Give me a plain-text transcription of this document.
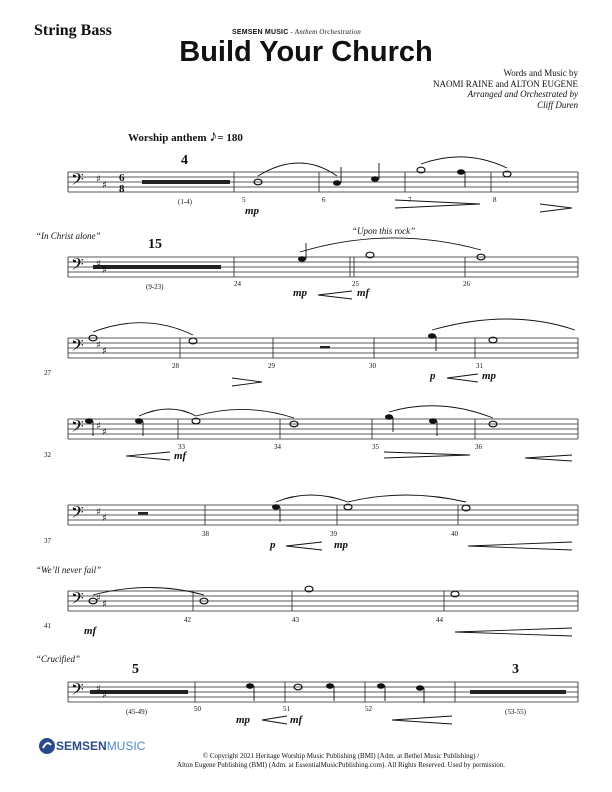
String Bass	SEMSEN MUSIC - Anthem Orchestration
Build Your Church
Words and Music by
NAOMI RAINE and ALTON EUGENE
Arranged and Orchestrated by
Cliff Duren
Worship anthem ♪= 180
𝄢
𝄢
𝄢
𝄢
𝄢
𝄢
𝄢
♯
♯
♯
♯
♯
♯
♯
♯
♯
♯
♯
♯
♯
♯
6
8
4
(1-4)	5	6	7	8
mp
“In Christ alone”	“Upon this rock”
15
(9-23)	24	25	26
mp	mf
27
28	29	30	31
p	mp
32
33	34	35	36
mf
37
38	39	40
p	mp
“We’ll never fail”
41
42	43	44
mf
“Crucified”
5
(45-49)	50	51	52
3
(53-55)
mp	mf
SEMSENMUSIC
© Copyright 2021 Heritage Worship Music Publishing (BMI) (Adm. at Bethel Music Publishing) /
Alton Eugene Publishing (BMI) (Adm. at EssentialMusicPublishing.com). All Rights Reserved. Used by permission.
